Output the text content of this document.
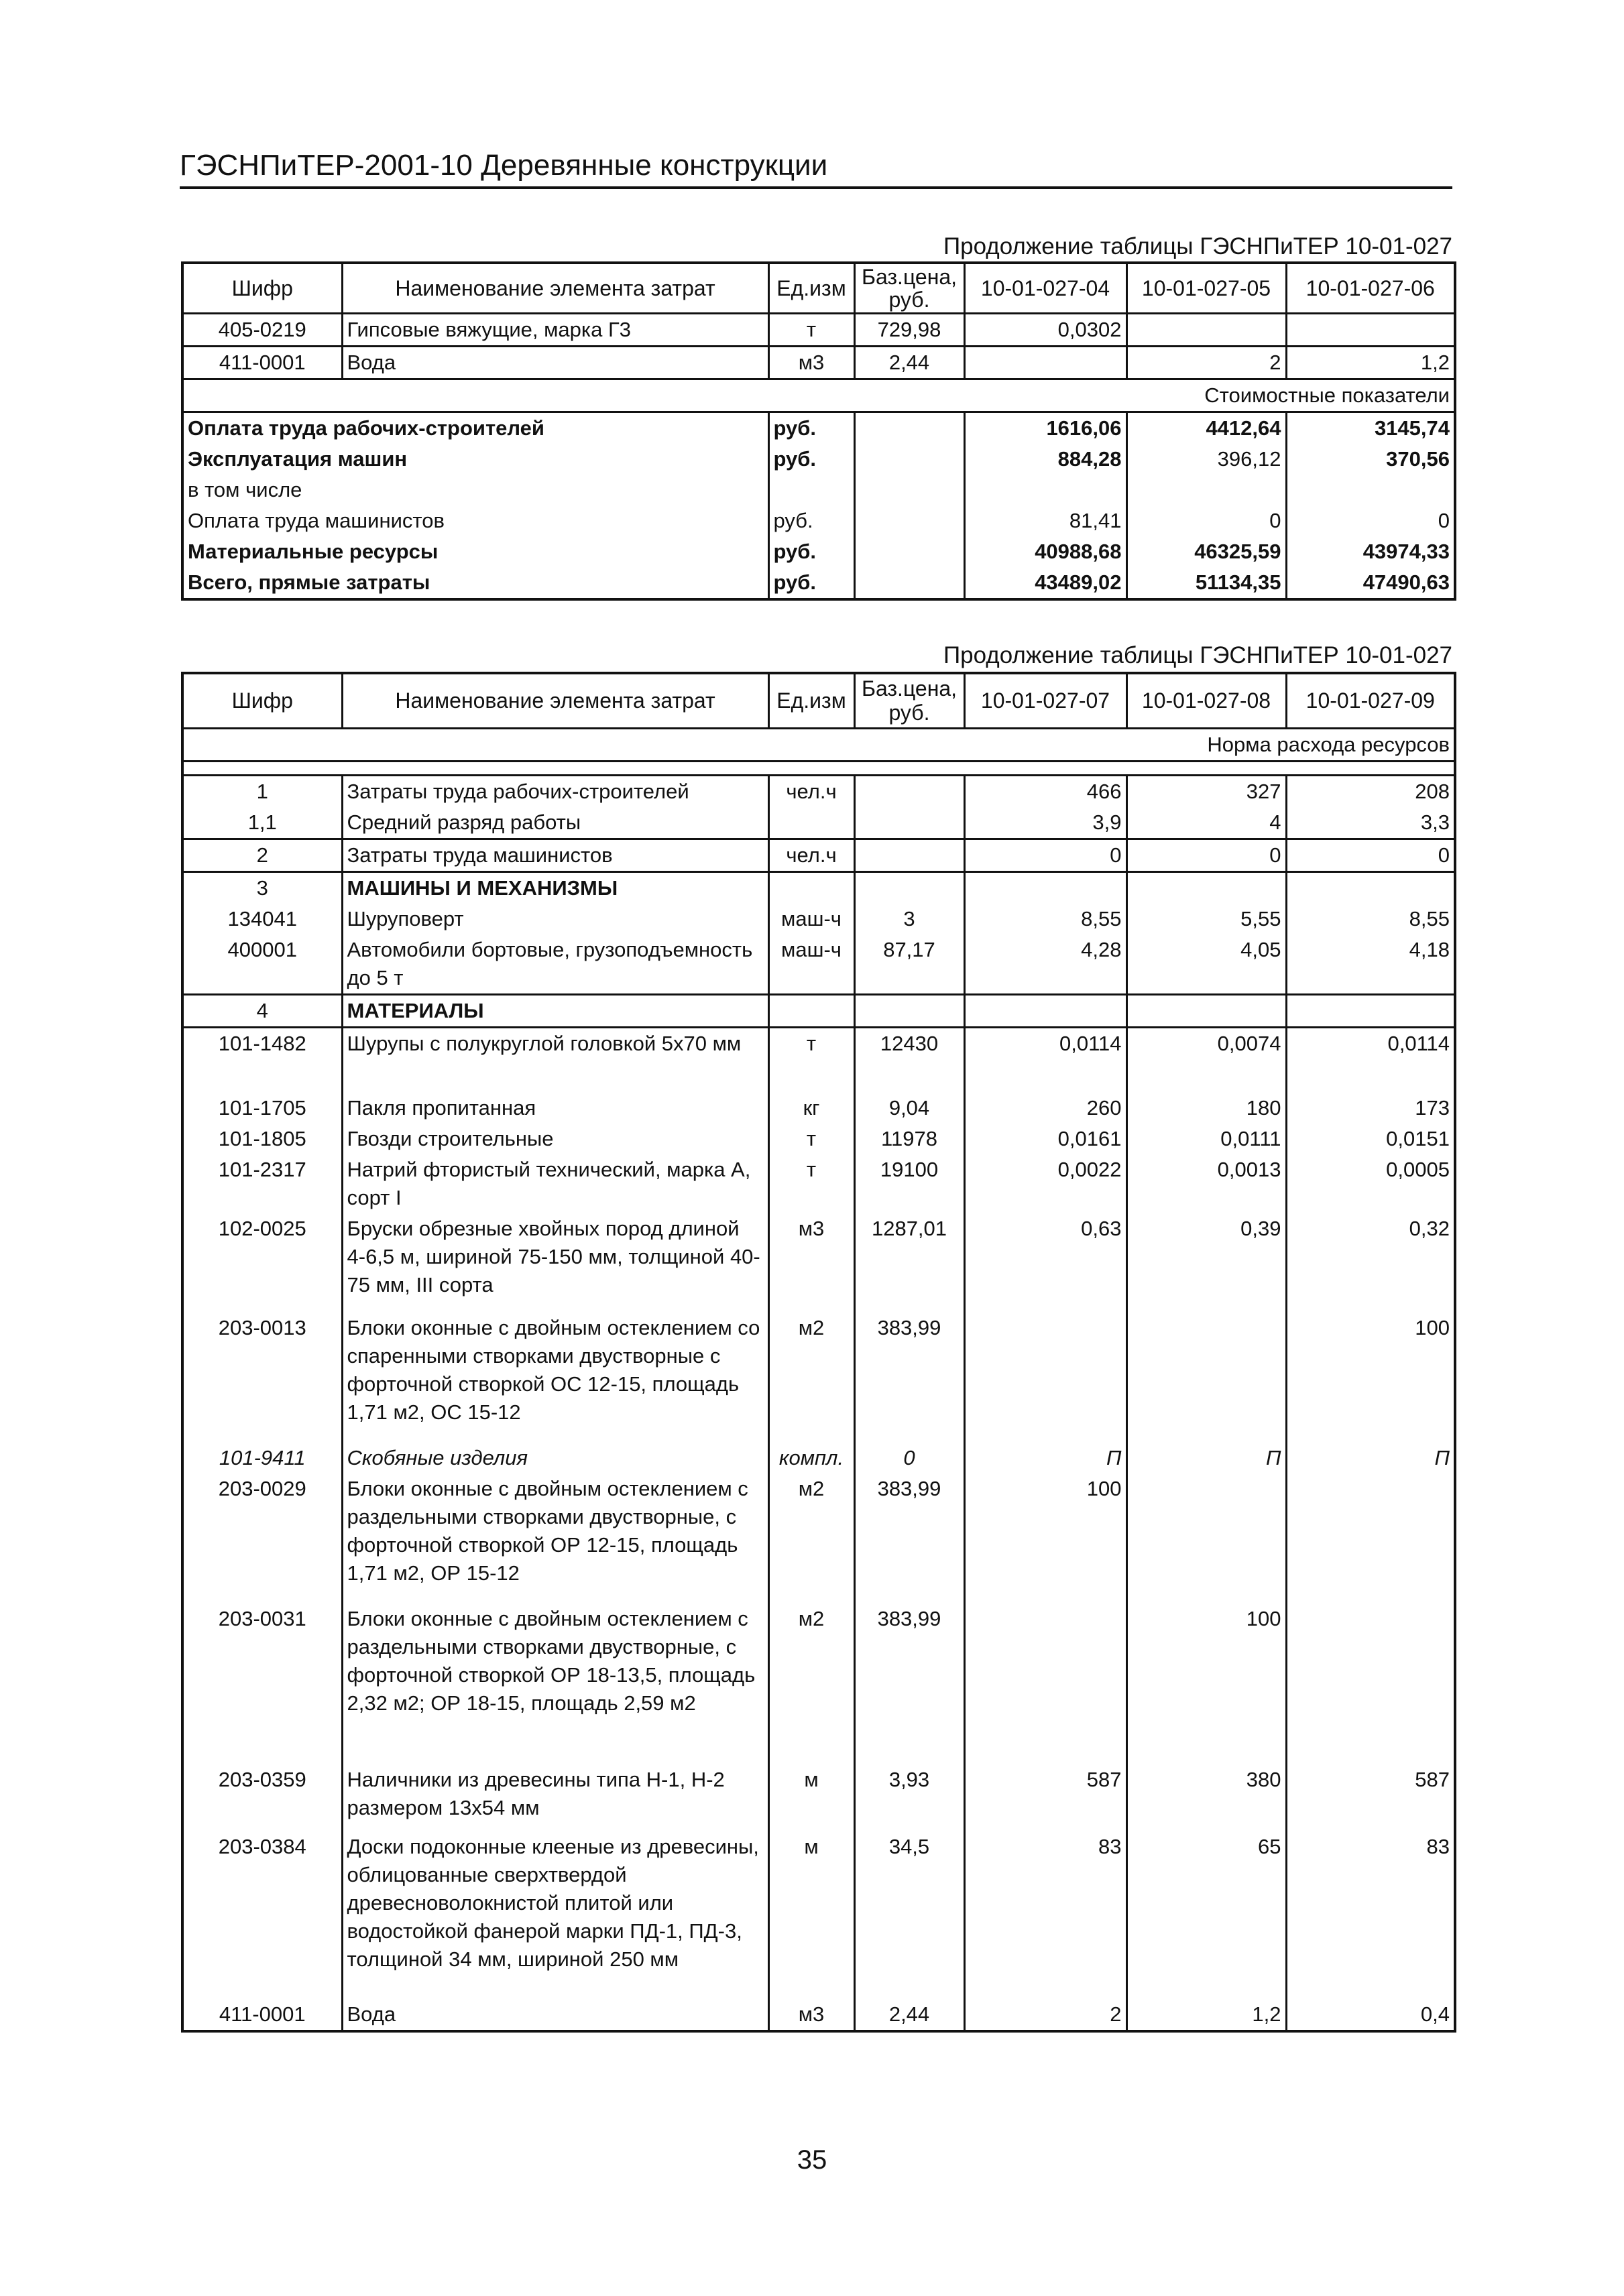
ГЭСНПиТЕР-2001-10 Деревянные конструкции
Продолжение таблицы ГЭСНПиТЕР 10-01-027
Шифр	Наименование элемента затрат	Ед.изм	Баз.цена, руб.	10-01-027-04	10-01-027-05	10-01-027-06
405-0219	Гипсовые вяжущие, марка Г3	т	729,98	0,0302		
411-0001	Вода	м3	2,44		2	1,2
Стоимостные показатели						
Оплата труда рабочих-строителей		руб.		1616,06	4412,64	3145,74
Эксплуатация машин		руб.		884,28	396,12	370,56
в том числе						
Оплата труда машинистов		руб.		81,41	0	0
Материальные ресурсы		руб.		40988,68	46325,59	43974,33
Всего, прямые затраты		руб.		43489,02	51134,35	47490,63
Продолжение таблицы ГЭСНПиТЕР 10-01-027
Шифр	Наименование элемента затрат	Ед.изм	Баз.цена, руб.	10-01-027-07	10-01-027-08	10-01-027-09
Норма расхода ресурсов						

1	Затраты труда рабочих-строителей	чел.ч		466	327	208
1,1	Средний разряд работы			3,9	4	3,3
2	Затраты труда машинистов	чел.ч		0	0	0
3	МАШИНЫ И МЕХАНИЗМЫ					
134041	Шуруповерт	маш-ч	3	8,55	5,55	8,55
400001	Автомобили бортовые, грузоподъемность до 5 т	маш-ч	87,17	4,28	4,05	4,18
4	МАТЕРИАЛЫ					
101-1482	Шурупы с полукруглой головкой 5х70 мм	т	12430	0,0114	0,0074	0,0114
101-1705	Пакля пропитанная	кг	9,04	260	180	173
101-1805	Гвозди строительные	т	11978	0,0161	0,0111	0,0151
101-2317	Натрий фтористый технический, марка А, сорт I	т	19100	0,0022	0,0013	0,0005
102-0025	Бруски обрезные хвойных пород длиной 4-6,5 м, шириной 75-150 мм, толщиной 40-75 мм, III сорта	м3	1287,01	0,63	0,39	0,32
203-0013	Блоки оконные с двойным остеклением со спаренными створками двустворные с форточной створкой ОС 12-15, площадь 1,71 м2, ОС 15-12	м2	383,99			100
101-9411	Скобяные изделия	компл.	0	П	П	П
203-0029	Блоки оконные с двойным остеклением с раздельными створками двустворные, с форточной створкой ОР 12-15, площадь 1,71 м2, ОР 15-12	м2	383,99	100		
203-0031	Блоки оконные с двойным остеклением с раздельными створками двустворные, с форточной створкой ОР 18-13,5, площадь 2,32 м2; ОР 18-15, площадь 2,59 м2	м2	383,99		100	
203-0359	Наличники из древесины типа Н-1, Н-2 размером 13х54 мм	м	3,93	587	380	587
203-0384	Доски подоконные клееные из древесины, облицованные сверхтвердой древесноволокнистой плитой или водостойкой фанерой марки ПД-1, ПД-3, толщиной 34 мм, шириной 250 мм	м	34,5	83	65	83
411-0001	Вода	м3	2,44	2	1,2	0,4
35
